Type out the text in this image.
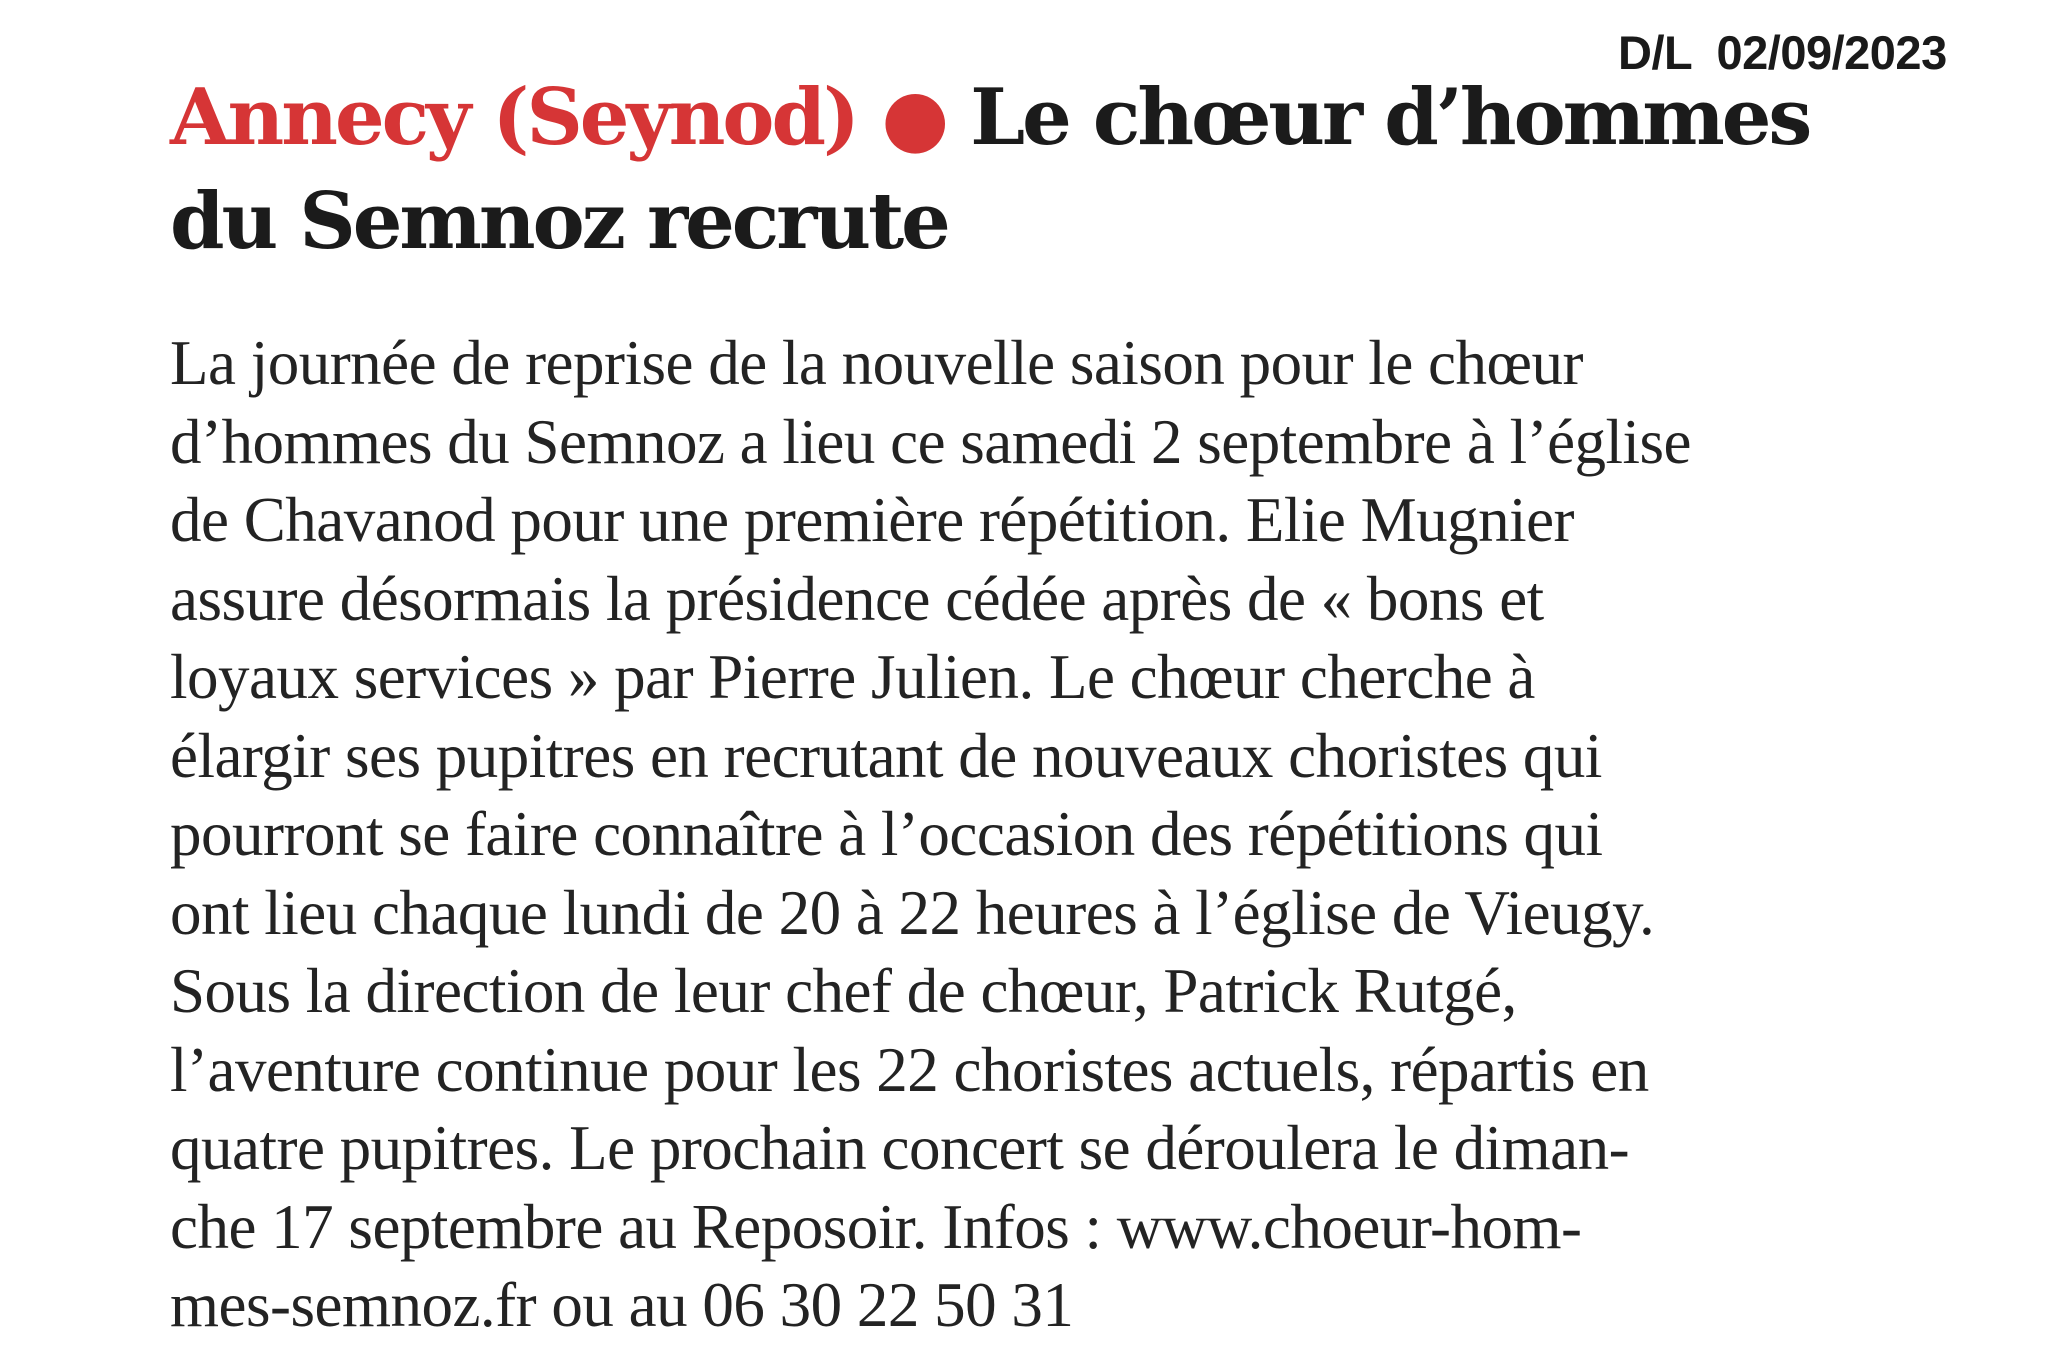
D/L  02/09/2023
Annecy (Seynod) ● Le chœur d’hommes du Semnoz recrute
La journée de reprise de la nouvelle saison pour le chœur
d’hommes du Semnoz a lieu ce samedi 2 septembre à l’église
de Chavanod pour une première répétition. Elie Mugnier
assure désormais la présidence cédée après de « bons et
loyaux services » par Pierre Julien. Le chœur cherche à
élargir ses pupitres en recrutant de nouveaux choristes qui
pourront se faire connaître à l’occasion des répétitions qui
ont lieu chaque lundi de 20 à 22 heures à l’église de Vieugy.
Sous la direction de leur chef de chœur, Patrick Rutgé,
l’aventure continue pour les 22 choristes actuels, répartis en
quatre pupitres. Le prochain concert se déroulera le diman-
che 17 septembre au Reposoir. Infos : www.choeur-hom-
mes-semnoz.fr ou au 06 30 22 50 31
